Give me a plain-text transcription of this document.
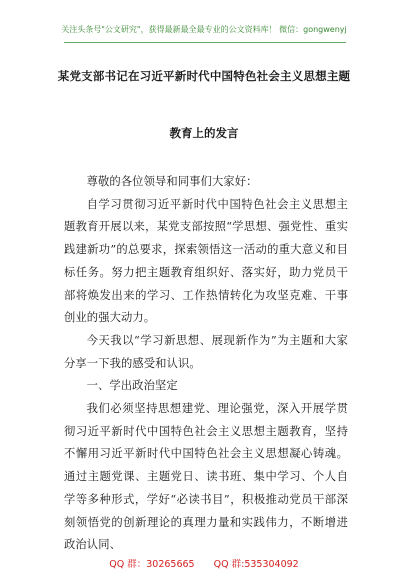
关注头条号"公文研究"，获得最新最全最专业的公文资料库！ 微信：gongwenyj
某党支部书记在习近平新时代中国特色社会主义思想主题
教育上的发言

尊敬的各位领导和同事们大家好：

自学习贯彻习近平新时代中国特色社会主义思想主题教育开展以来，某党支部按照“学思想、强党性、重实践建新功”的总要求，探索领悟这一活动的重大意义和目标任务。努力把主题教育组织好、落实好，助力党员干部将焕发出来的学习、工作热情转化为攻坚克难、干事创业的强大动力。

今天我以“学习新思想、展现新作为”为主题和大家分享一下我的感受和认识。

一、学出政治坚定

我们必须坚持思想建党、理论强党，深入开展学贯彻习近平新时代中国特色社会主义思想主题教育，坚持不懈用习近平新时代中国特色社会主义思想凝心铸魂。通过主题党课、主题党日、读书班、集中学习、个人自学等多种形式，学好“必读书目”，积极推动党员干部深刻领悟党的创新理论的真理力量和实践伟力，不断增进政治认同、

QQ 群：30265665 QQ 群:535304092
